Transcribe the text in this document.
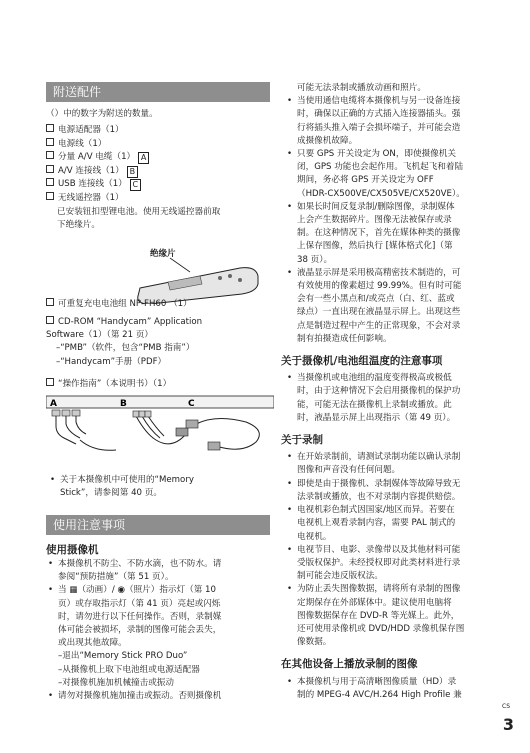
附送配件
（）中的数字为附送的数量。
电源适配器（1）
电源线（1）
分量 A/V 电缆（1） A
A/V 连接线（1） B
USB 连接线（1） C
无线遥控器（1）
已安装钮扣型锂电池。使用无线遥控器前取
下绝缘片。
绝缘片
可重复充电电池组 NP-FH60 （1）
CD-ROM “Handycam” Application
Software（1）（第 21 页）
–“PMB”（软件，包含“PMB 指南”）
–“Handycam”手册（PDF）
“操作指南”（本说明书）（1）
A	B	C
• 关于本摄像机中可使用的“Memory
Stick”，请参阅第 40 页。
使用注意事项
使用摄像机
• 本摄像机不防尘、不防水滴，也不防水。请
参阅“预防措施”（第 51 页）。
• 当 ▦（动画）/ ◉（照片）指示灯（第 10
页）或存取指示灯（第 41 页）亮起或闪烁
时，请勿进行以下任何操作。否则，录制媒
体可能会被损坏，录制的图像可能会丢失，
或出现其他故障。
–退出“Memory Stick PRO Duo”
–从摄像机上取下电池组或电源适配器
–对摄像机施加机械撞击或振动
• 请勿对摄像机施加撞击或振动。否则摄像机
可能无法录制或播放动画和照片。
• 当使用通信电缆将本摄像机与另一设备连接
时，确保以正确的方式插入连接器插头。强
行将插头推入端子会损坏端子，并可能会造
成摄像机故障。
• 只要 GPS 开关设定为 ON，即使摄像机关
闭，GPS 功能也会起作用。飞机起飞和着陆
期间，务必将 GPS 开关设定为 OFF
（HDR-CX500VE/CX505VE/CX520VE）。
• 如果长时间反复录制/删除图像，录制媒体
上会产生数据碎片。图像无法被保存或录
制。在这种情况下，首先在媒体种类的摄像
上保存图像，然后执行 [媒体格式化]（第
38 页）。
• 液晶显示屏是采用极高精密技术制造的，可
有效使用的像素超过 99.99%。但有时可能
会有一些小黑点和/或亮点（白、红、蓝或
绿点）一直出现在液晶显示屏上。出现这些
点是制造过程中产生的正常现象，不会对录
制有拍摄造成任何影响。
关于摄像机/电池组温度的注意事项
• 当摄像机或电池组的温度变得极高或极低
时，由于这种情况下会启用摄像机的保护功
能，可能无法在摄像机上录制或播放。此
时，液晶显示屏上出现指示（第 49 页）。
关于录制
• 在开始录制前，请测试录制功能以确认录制
图像和声音没有任何问题。
• 即使是由于摄像机、录制媒体等故障导致无
法录制或播放，也不对录制内容提供赔偿。
• 电视机彩色制式因国家/地区而异。若要在
电视机上观看录制内容，需要 PAL 制式的
电视机。
• 电视节目、电影、录像带以及其他材料可能
受版权保护。未经授权即对此类材料进行录
制可能会违反版权法。
• 为防止丢失图像数据，请将所有录制的图像
定期保存在外部媒体中。建议使用电脑将
图像数据保存在 DVD-R 等光媒上。此外，
还可使用录像机或 DVD/HDD 录像机保存图
像数据。
在其他设备上播放录制的图像
• 本摄像机与用于高清晰图像质量（HD）录
制的 MPEG-4 AVC/H.264 High Profile 兼
CS
3
